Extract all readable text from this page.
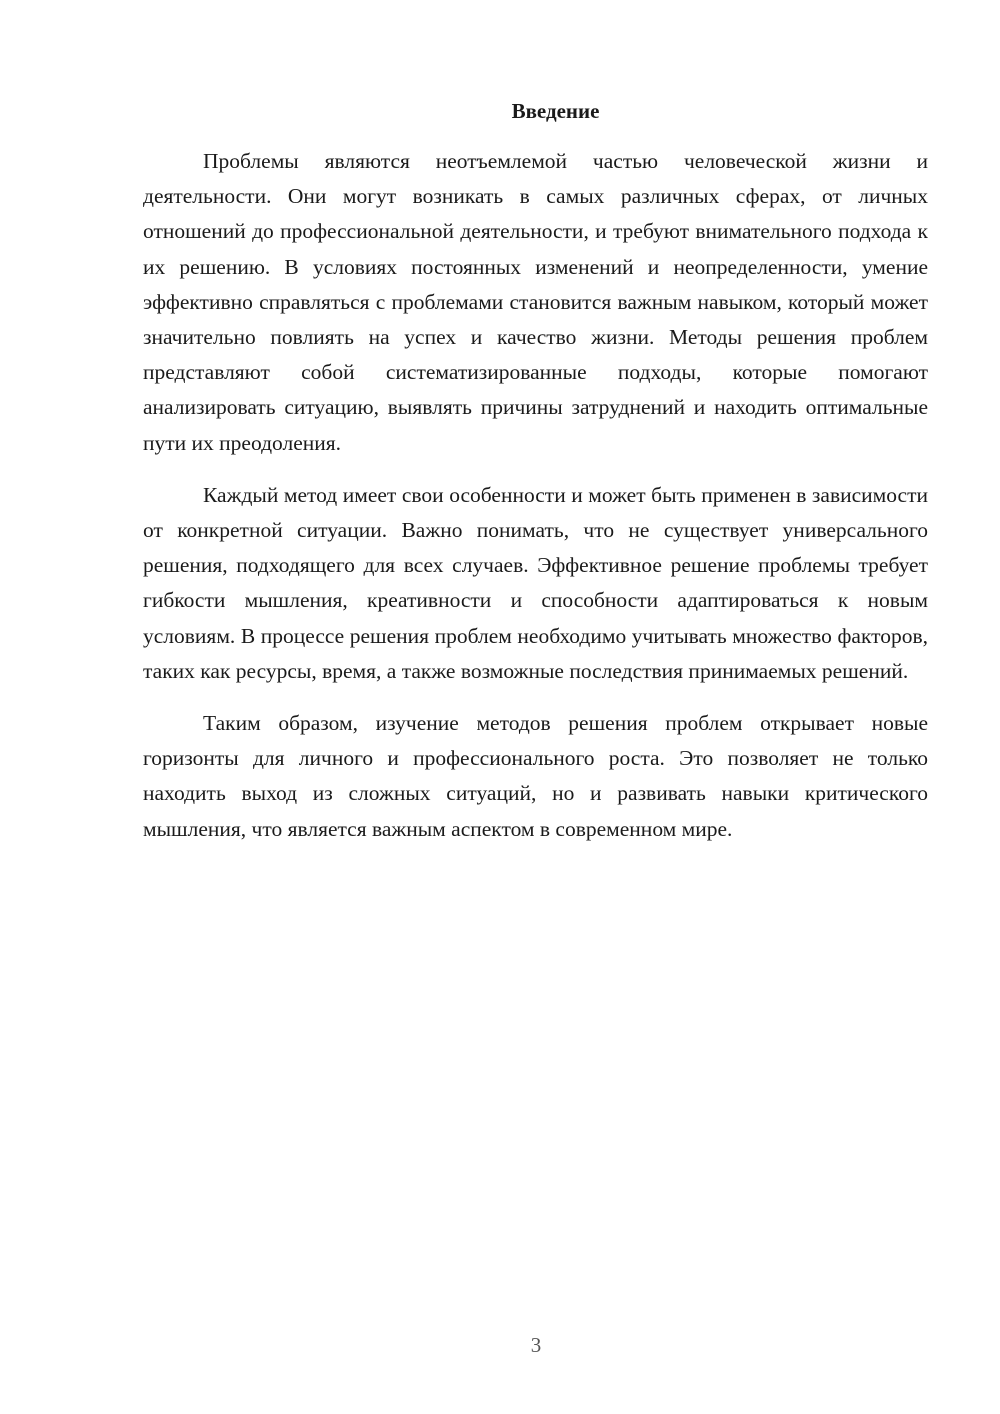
Введение

Проблемы являются неотъемлемой частью человеческой жизни и деятельности. Они могут возникать в самых различных сферах, от личных отношений до профессиональной деятельности, и требуют внимательного подхода к их решению. В условиях постоянных изменений и неопределенности, умение эффективно справляться с проблемами становится важным навыком, который может значительно повлиять на успех и качество жизни. Методы решения проблем представляют собой систематизированные подходы, которые помогают анализировать ситуацию, выявлять причины затруднений и находить оптимальные пути их преодоления.

Каждый метод имеет свои особенности и может быть применен в зависимости от конкретной ситуации. Важно понимать, что не существует универсального решения, подходящего для всех случаев. Эффективное решение проблемы требует гибкости мышления, креативности и способности адаптироваться к новым условиям. В процессе решения проблем необходимо учитывать множество факторов, таких как ресурсы, время, а также возможные последствия принимаемых решений.

Таким образом, изучение методов решения проблем открывает новые горизонты для личного и профессионального роста. Это позволяет не только находить выход из сложных ситуаций, но и развивать навыки критического мышления, что является важным аспектом в современном мире.

3
